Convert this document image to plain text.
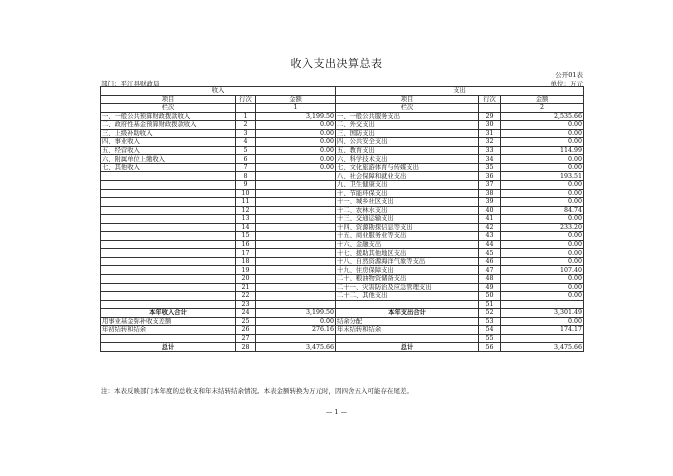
收入支出决算总表
公开01表
部门：平江县财政局	单位：万元
收入			支出		
项目	行次	金额	项目	行次	金额
栏次		1	栏次		2
一、一般公共预算财政拨款收入	1	3,199.50	一、一般公共服务支出	29	2,535.66
二、政府性基金预算财政拨款收入	2	0.00	二、外交支出	30	0.00
三、上级补助收入	3	0.00	三、国防支出	31	0.00
四、事业收入	4	0.00	四、公共安全支出	32	0.00
五、经营收入	5	0.00	五、教育支出	33	114.99
六、附属单位上缴收入	6	0.00	六、科学技术支出	34	0.00
七、其他收入	7	0.00	七、文化旅游体育与传媒支出	35	0.00
	8		八、社会保障和就业支出	36	193.51
	9		九、卫生健康支出	37	0.00
	10		十、节能环保支出	38	0.00
	11		十一、城乡社区支出	39	0.00
	12		十二、农林水支出	40	84.74
	13		十三、交通运输支出	41	0.00
	14		十四、资源勘探信息等支出	42	233.20
	15		十五、商业服务业等支出	43	0.00
	16		十六、金融支出	44	0.00
	17		十七、援助其他地区支出	45	0.00
	18		十八、自然资源海洋气象等支出	46	0.00
	19		十九、住房保障支出	47	107.40
	20		二十、粮油物资储备支出	48	0.00
	21		二十一、灾害防治及应急管理支出	49	0.00
	22		二十二、其他支出	50	0.00
	23			51	
本年收入合计	24	3,199.50	本年支出合计	52	3,301.49
用事业基金弥补收支差额	25	0.00	结余分配	53	0.00
年初结转和结余	26	276.16	年末结转和结余	54	174.17
	27			55	
总计	28	3,475.66	总计	56	3,475.66
注：本表反映部门本年度的总收支和年末结转结余情况。本表金额转换为万元时，因四舍五入可能存在尾差。
— 1 —
